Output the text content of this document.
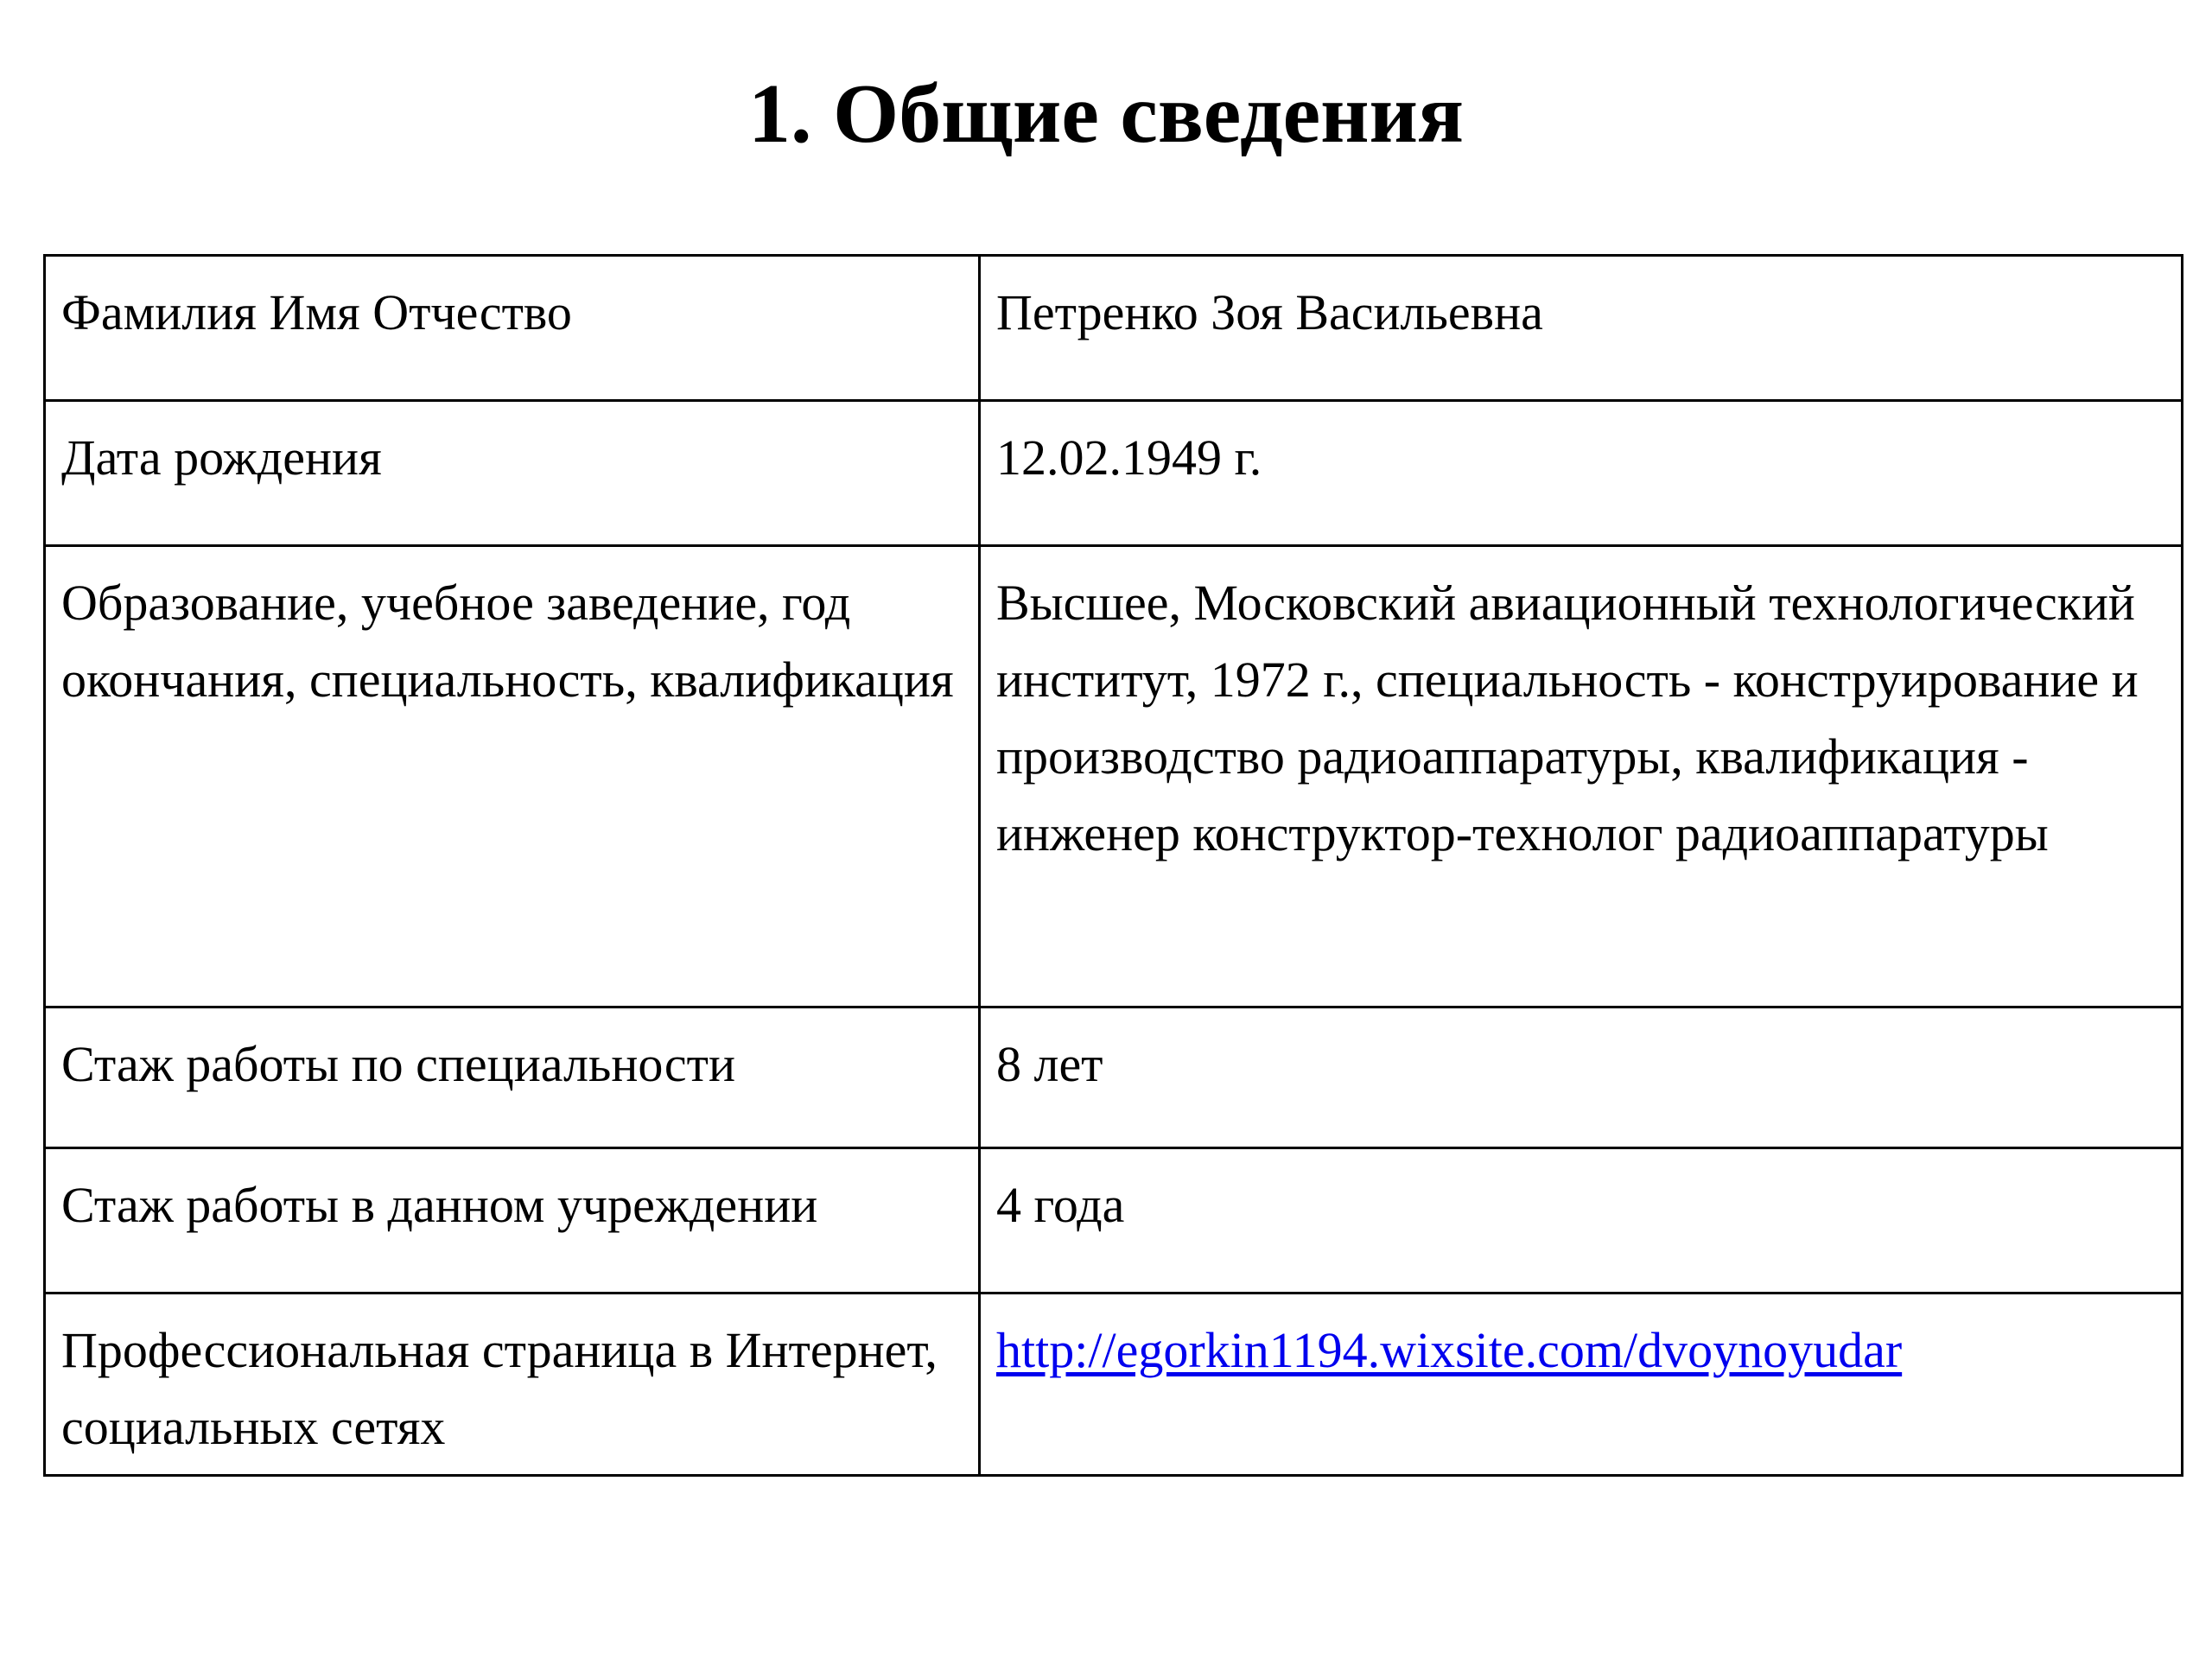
1. Общие сведения
Фамилия Имя Отчество	Петренко Зоя Васильевна
Дата рождения	12.02.1949 г.
Образование, учебное заведение, год окончания, специальность, квалификация	Высшее, Московский авиационный технологический институт, 1972 г., специальность - конструирование и производство радиоаппаратуры, квалификация - инженер конструктор-технолог радиоаппаратуры
Стаж работы по специальности	8 лет
Стаж работы в данном учреждении	4 года
Профессиональная страница в Интернет, социальных сетях	http://egorkin1194.wixsite.com/dvoynoyudar
